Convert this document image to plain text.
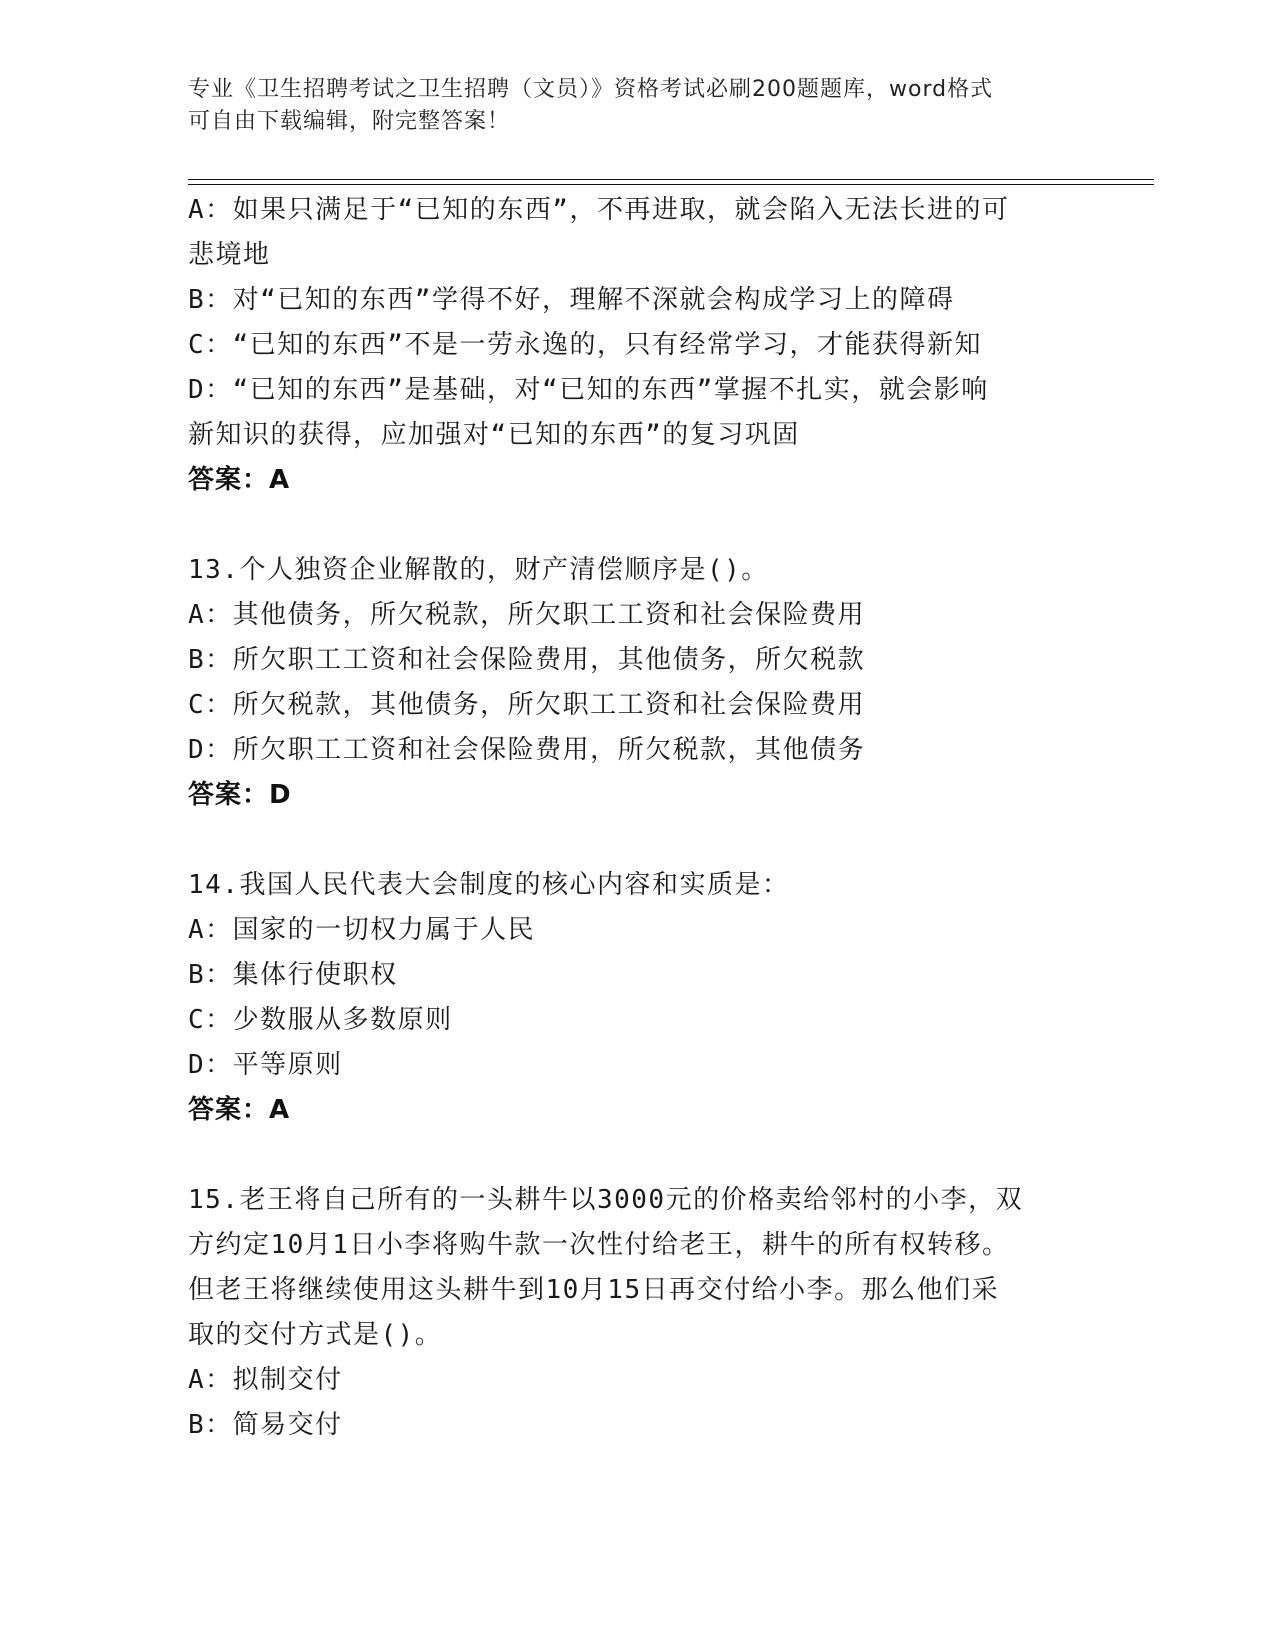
专业《卫生招聘考试之卫生招聘（文员）》资格考试必刷200题题库，word格式
可自由下载编辑，附完整答案！
A：如果只满足于“已知的东西”，不再进取，就会陷入无法长进的可
悲境地
B：对“已知的东西”学得不好，理解不深就会构成学习上的障碍
C：“已知的东西”不是一劳永逸的，只有经常学习，才能获得新知
D：“已知的东西”是基础，对“已知的东西”掌握不扎实，就会影响
新知识的获得，应加强对“已知的东西”的复习巩固
答案：A
13.个人独资企业解散的，财产清偿顺序是()。
A：其他债务，所欠税款，所欠职工工资和社会保险费用
B：所欠职工工资和社会保险费用，其他债务，所欠税款
C：所欠税款，其他债务，所欠职工工资和社会保险费用
D：所欠职工工资和社会保险费用，所欠税款，其他债务
答案：D
14.我国人民代表大会制度的核心内容和实质是：
A：国家的一切权力属于人民
B：集体行使职权
C：少数服从多数原则
D：平等原则
答案：A
15.老王将自己所有的一头耕牛以3000元的价格卖给邻村的小李，双
方约定10月1日小李将购牛款一次性付给老王，耕牛的所有权转移。
但老王将继续使用这头耕牛到10月15日再交付给小李。那么他们采
取的交付方式是()。
A：拟制交付
B：简易交付
